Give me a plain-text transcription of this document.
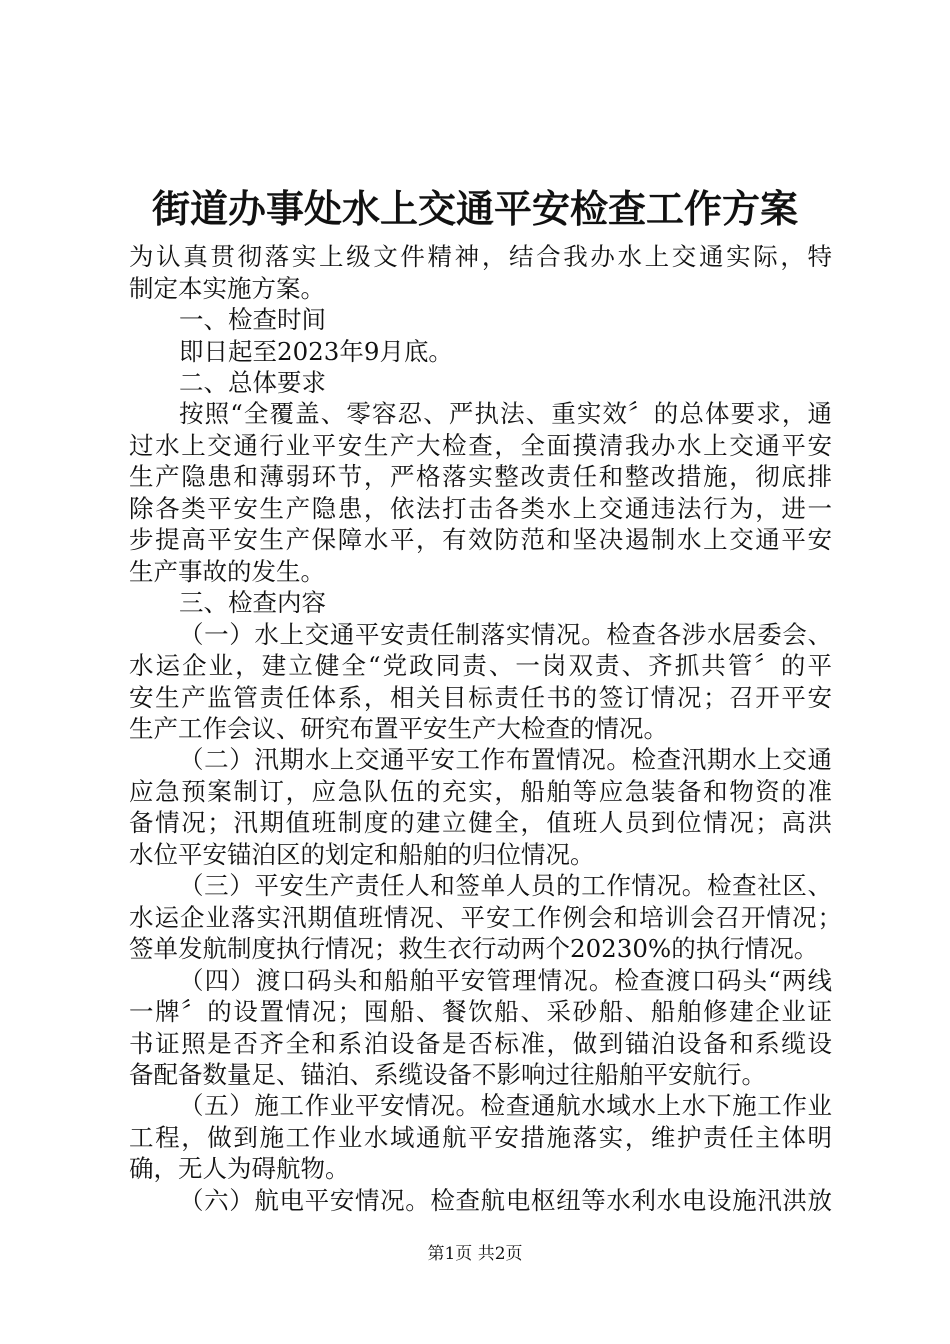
街道办事处水上交通平安检查工作方案
为认真贯彻落实上级文件精神，结合我办水上交通实际，特
制定本实施方案。
一、检查时间
即日起至2023年9月底。
二、总体要求
按照“全覆盖、零容忍、严执法、重实效〞的总体要求，通
过水上交通行业平安生产大检查，全面摸清我办水上交通平安
生产隐患和薄弱环节，严格落实整改责任和整改措施，彻底排
除各类平安生产隐患，依法打击各类水上交通违法行为，进一
步提高平安生产保障水平，有效防范和坚决遏制水上交通平安
生产事故的发生。
三、检查内容
（一）水上交通平安责任制落实情况。检查各涉水居委会、
水运企业，建立健全“党政同责、一岗双责、齐抓共管〞的平
安生产监管责任体系，相关目标责任书的签订情况；召开平安
生产工作会议、研究布置平安生产大检查的情况。
（二）汛期水上交通平安工作布置情况。检查汛期水上交通
应急预案制订，应急队伍的充实，船舶等应急装备和物资的准
备情况；汛期值班制度的建立健全，值班人员到位情况；高洪
水位平安锚泊区的划定和船舶的归位情况。
（三）平安生产责任人和签单人员的工作情况。检查社区、
水运企业落实汛期值班情况、平安工作例会和培训会召开情况；
签单发航制度执行情况；救生衣行动两个20230%的执行情况。
（四）渡口码头和船舶平安管理情况。检查渡口码头“两线
一牌〞的设置情况；囤船、餐饮船、采砂船、船舶修建企业证
书证照是否齐全和系泊设备是否标准，做到锚泊设备和系缆设
备配备数量足、锚泊、系缆设备不影响过往船舶平安航行。
（五）施工作业平安情况。检查通航水域水上水下施工作业
工程，做到施工作业水域通航平安措施落实，维护责任主体明
确，无人为碍航物。
（六）航电平安情况。检查航电枢纽等水利水电设施汛洪放
第1页 共2页
